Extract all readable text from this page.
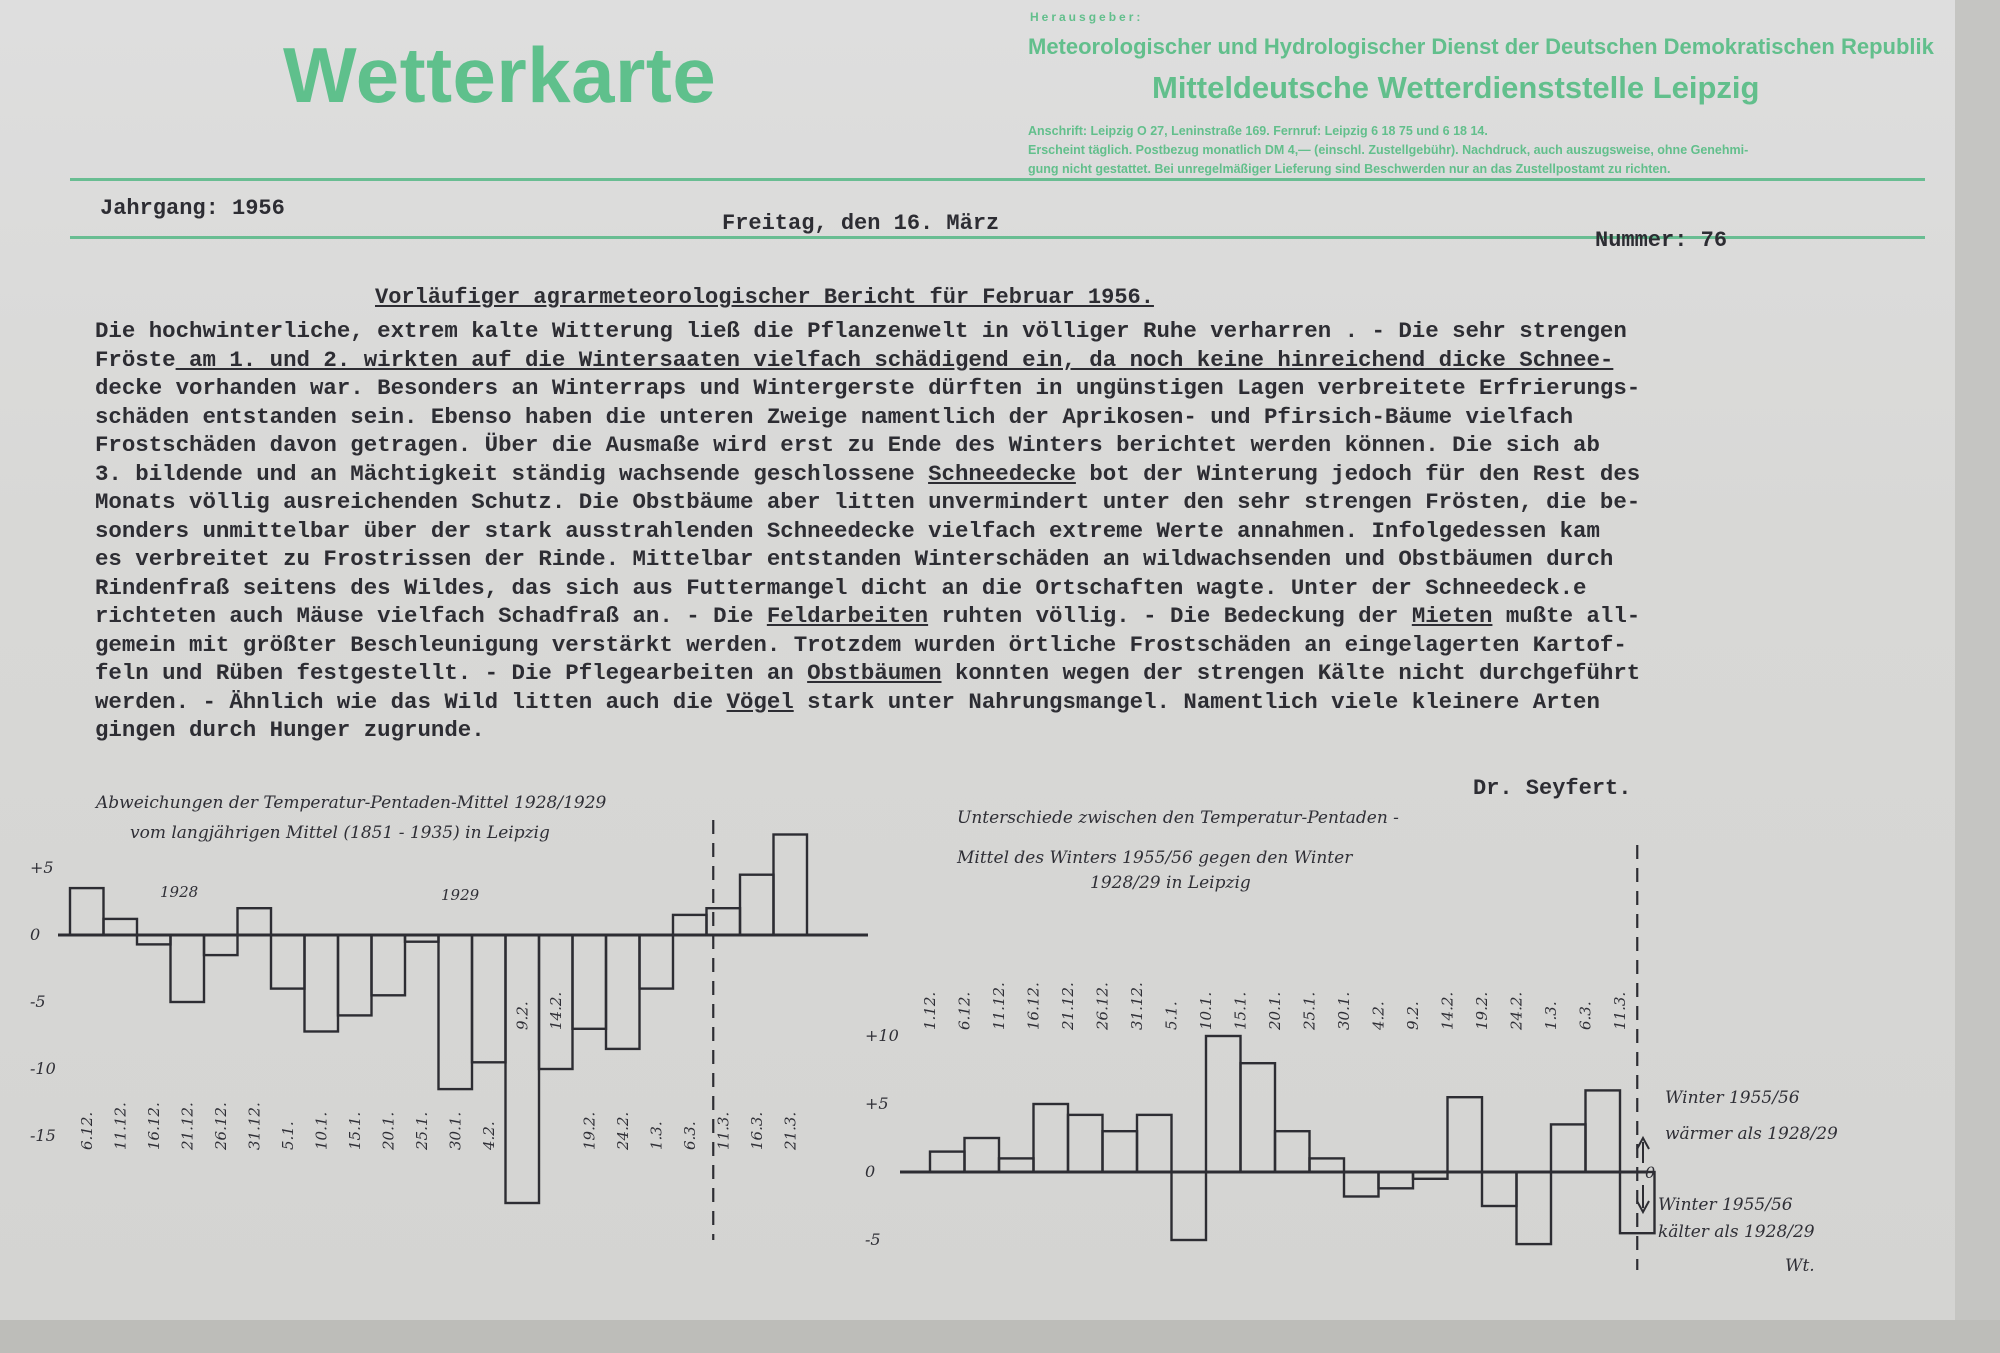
Wetterkarte
Herausgeber:
Meteorologischer und Hydrologischer Dienst der Deutschen Demokratischen Republik
Mitteldeutsche Wetterdienststelle Leipzig
Anschrift: Leipzig O 27, Leninstraße 169. Fernruf: Leipzig 6 18 75 und 6 18 14.
Erscheint täglich. Postbezug monatlich DM 4,— (einschl. Zustellgebühr). Nachdruck, auch auszugsweise, ohne Genehmi-
gung nicht gestattet. Bei unregelmäßiger Lieferung sind Beschwerden nur an das Zustellpostamt zu richten.
Jahrgang: 1956
Freitag, den 16. März
Nummer: 76
Vorläufiger agrarmeteorologischer Bericht für Februar 1956.
Die hochwinterliche, extrem kalte Witterung ließ die Pflanzenwelt in völliger Ruhe verharren . - Die sehr strengen
Fröste am 1. und 2. wirkten auf die Wintersaaten vielfach schädigend ein, da noch keine hinreichend dicke Schnee-
decke vorhanden war. Besonders an Winterraps und Wintergerste dürften in ungünstigen Lagen verbreitete Erfrierungs-
schäden entstanden sein. Ebenso haben die unteren Zweige namentlich der Aprikosen- und Pfirsich-Bäume vielfach
Frostschäden davon getragen. Über die Ausmaße wird erst zu Ende des Winters berichtet werden können. Die sich ab
3. bildende und an Mächtigkeit ständig wachsende geschlossene Schneedecke bot der Winterung jedoch für den Rest des
Monats völlig ausreichenden Schutz. Die Obstbäume aber litten unvermindert unter den sehr strengen Frösten, die be-
sonders unmittelbar über der stark ausstrahlenden Schneedecke vielfach extreme Werte annahmen. Infolgedessen kam
es verbreitet zu Frostrissen der Rinde. Mittelbar entstanden Winterschäden an wildwachsenden und Obstbäumen durch
Rindenfraß seitens des Wildes, das sich aus Futtermangel dicht an die Ortschaften wagte. Unter der Schneedeck.e
richteten auch Mäuse vielfach Schadfraß an. - Die Feldarbeiten ruhten völlig. - Die Bedeckung der Mieten mußte all-
gemein mit größter Beschleunigung verstärkt werden. Trotzdem wurden örtliche Frostschäden an eingelagerten Kartof-
feln und Rüben festgestellt. - Die Pflegearbeiten an Obstbäumen konnten wegen der strengen Kälte nicht durchgeführt
werden. - Ähnlich wie das Wild litten auch die Vögel stark unter Nahrungsmangel. Namentlich viele kleinere Arten
gingen durch Hunger zugrunde.
Dr. Seyfert.
Abweichungen der Temperatur-Pentaden-Mittel 1928/1929
vom langjährigen Mittel (1851 - 1935) in Leipzig
Unterschiede zwischen den Temperatur-Pentaden -
Mittel des Winters 1955/56 gegen den Winter
1928/29 in Leipzig
Winter 1955/56
wärmer als 1928/29
Winter 1955/56
kälter als 1928/29
Wt.
+5
0
-5
-10
-15 6.12. 11.12. 16.12. 21.12. 26.12. 31.12. 5.1. 10.1. 15.1. 20.1. 25.1. 30.1. 4.2.
9.2. 14.2.
19.2. 24.2. 1.3. 6.3. 11.3. 16.3. 21.3.
1928	1929
+10
+5
0
-5
1.12. 6.12. 11.12. 16.12. 21.12. 26.12. 31.12. 5.1. 10.1. 15.1. 20.1. 25.1. 30.1. 4.2. 9.2. 14.2. 19.2. 24.2. 1.3. 6.3. 11.3.
0
